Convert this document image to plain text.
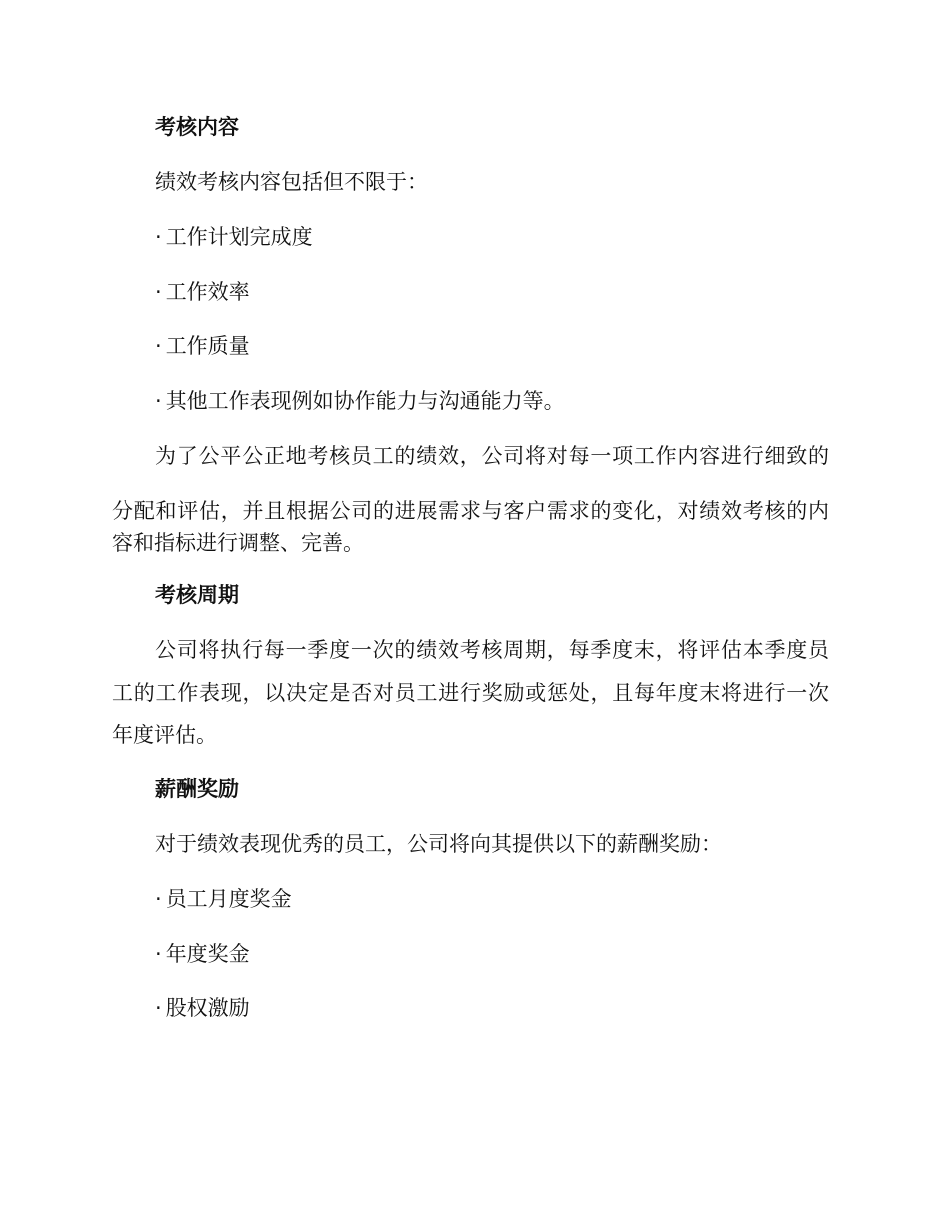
考核内容
绩效考核内容包括但不限于：
· 工作计划完成度
· 工作效率
· 工作质量
· 其他工作表现例如协作能力与沟通能力等。
为了公平公正地考核员工的绩效，公司将对每一项工作内容进行细致的
分配和评估，并且根据公司的进展需求与客户需求的变化，对绩效考核的内
容和指标进行调整、完善。
考核周期
公司将执行每一季度一次的绩效考核周期，每季度末，将评估本季度员
工的工作表现，以决定是否对员工进行奖励或惩处，且每年度末将进行一次
年度评估。
薪酬奖励
对于绩效表现优秀的员工，公司将向其提供以下的薪酬奖励：
· 员工月度奖金
· 年度奖金
· 股权激励
